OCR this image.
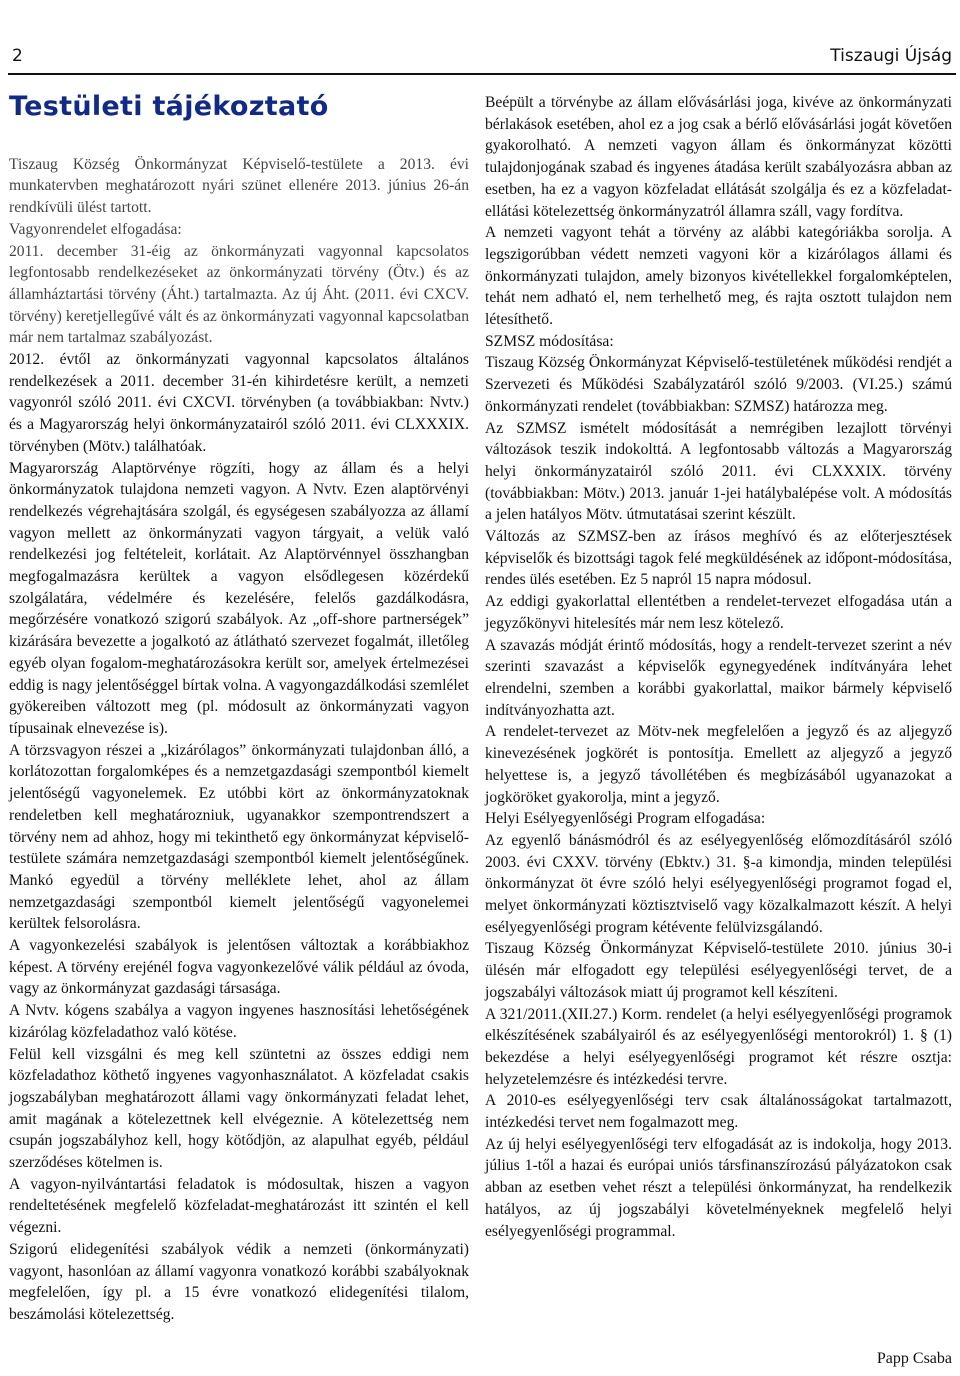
2	Tiszaugi Újság
Testületi tájékoztató

Tiszaug Község Önkormányzat Képviselő-testülete a 2013. évi munkatervben meghatározott nyári szünet ellenére 2013. június 26-án rendkívüli ülést tartott.

Vagyonrendelet elfogadása:

2011. december 31-éig az önkormányzati vagyonnal kapcsolatos legfontosabb rendelkezéseket az önkormányzati törvény (Ötv.) és az államháztartási törvény (Áht.) tartalmazta. Az új Áht. (2011. évi CXCV. törvény) keretjellegűvé vált és az önkormányzati vagyonnal kapcsolatban már nem tartalmaz szabályozást.

2012. évtől az önkormányzati vagyonnal kapcsolatos általános rendelkezések a 2011. december 31-én kihirdetésre került, a nemzeti vagyonról szóló 2011. évi CXCVI. törvényben (a továbbiakban: Nvtv.) és a Magyarország helyi önkormányzatairól szóló 2011. évi CLXXXIX. törvényben (Mötv.) találhatóak.

Magyarország Alaptörvénye rögzíti, hogy az állam és a helyi önkormányzatok tulajdona nemzeti vagyon. A Nvtv. Ezen alaptörvényi rendelkezés végrehajtására szolgál, és egységesen szabályozza az államí vagyon mellett az önkormányzati vagyon tárgyait, a velük való rendelkezési jog feltételeit, korlátait. Az Alaptörvénnyel összhangban megfogalmazásra kerültek a vagyon elsődlegesen közérdekű szolgálatára, védelmére és kezelésére, felelős gazdálkodásra, megőrzésére vonatkozó szigorú szabályok. Az „off-shore partnerségek” kizárására bevezette a jogalkotó az átlátható szervezet fogalmát, illetőleg egyéb olyan fogalom-meghatározásokra került sor, amelyek értelmezései eddig is nagy jelentőséggel bírtak volna. A vagyongazdálkodási szemlélet gyökereiben változott meg (pl. módosult az önkormányzati vagyon típusainak elnevezése is).

A törzsvagyon részei a „kizárólagos” önkormányzati tulajdonban álló, a korlátozottan forgalomképes és a nemzetgazdasági szempontból kiemelt jelentőségű vagyonelemek. Ez utóbbi kört az önkormányzatoknak rendeletben kell meghatározniuk, ugyanakkor szempontrendszert a törvény nem ad ahhoz, hogy mi tekinthető egy önkormányzat képviselő-testülete számára nemzetgazdasági szempontból kiemelt jelentőségűnek. Mankó egyedül a törvény melléklete lehet, ahol az állam nemzetgazdasági szempontból kiemelt jelentőségű vagyonelemei kerültek felsorolásra.

A vagyonkezelési szabályok is jelentősen változtak a korábbiakhoz képest. A törvény erejénél fogva vagyonkezelővé válik például az óvoda, vagy az önkormányzat gazdasági társasága.

A Nvtv. kógens szabálya a vagyon ingyenes hasznosítási lehetőségének kizárólag közfeladathoz való kötése.

Felül kell vizsgálni és meg kell szüntetni az összes eddigi nem közfeladathoz köthető ingyenes vagyonhasználatot. A közfeladat csakis jogszabályban meghatározott állami vagy önkormányzati feladat lehet, amit magának a kötelezettnek kell elvégeznie. A kötelezettség nem csupán jogszabályhoz kell, hogy kötődjön, az alapulhat egyéb, például szerződéses kötelmen is.

A vagyon-nyilvántartási feladatok is módosultak, hiszen a vagyon rendeltetésének megfelelő közfeladat-meghatározást itt szintén el kell végezni.

Szigorú elidegenítési szabályok védik a nemzeti (önkormányzati) vagyont, hasonlóan az államí vagyonra vonatkozó korábbi szabályoknak megfelelően, így pl. a 15 évre vonatkozó elidegenítési tilalom, beszámolási kötelezettség.

Beépült a törvénybe az állam elővásárlási joga, kivéve az önkormányzati bérlakások esetében, ahol ez a jog csak a bérlő elővásárlási jogát követően gyakorolható. A nemzeti vagyon állam és önkormányzat közötti tulajdonjogának szabad és ingyenes átadása került szabályozásra abban az esetben, ha ez a vagyon közfeladat ellátását szolgálja és ez a közfeladat-ellátási kötelezettség önkormányzatról államra száll, vagy fordítva.

A nemzeti vagyont tehát a törvény az alábbi kategóriákba sorolja. A legszigorúbban védett nemzeti vagyoni kör a kizárólagos állami és önkormányzati tulajdon, amely bizonyos kivétellekkel forgalomképtelen, tehát nem adható el, nem terhelhető meg, és rajta osztott tulajdon nem létesíthető.

SZMSZ módosítása:

Tiszaug Község Önkormányzat Képviselő-testületének működési rendjét a Szervezeti és Működési Szabályzatáról szóló 9/2003. (VI.25.) számú önkormányzati rendelet (továbbiakban: SZMSZ) határozza meg.

Az SZMSZ ismételt módosítását a nemrégiben lezajlott törvényi változások teszik indokolttá. A legfontosabb változás a Magyarország helyi önkormányzatairól szóló 2011. évi CLXXXIX. törvény (továbbiakban: Mötv.) 2013. január 1-jei hatálybalépése volt. A módosítás a jelen hatályos Mötv. útmutatásai szerint készült.

Változás az SZMSZ-ben az írásos meghívó és az előterjesztések képviselők és bizottsági tagok felé megküldésének az időpont-módosítása, rendes ülés esetében. Ez 5 napról 15 napra módosul.

Az eddigi gyakorlattal ellentétben a rendelet-tervezet elfogadása után a jegyzőkönyvi hitelesítés már nem lesz kötelező.

A szavazás módját érintő módosítás, hogy a rendelt-tervezet szerint a név szerinti szavazást a képviselők egynegyedének indítványára lehet elrendelni, szemben a korábbi gyakorlattal, maikor bármely képviselő indítványozhatta azt.

A rendelet-tervezet az Mötv-nek megfelelően a jegyző és az aljegyző kinevezésének jogkörét is pontosítja. Emellett az aljegyző a jegyző helyettese is, a jegyző távollétében és megbízásából ugyanazokat a jogköröket gyakorolja, mint a jegyző.

Helyi Esélyegyenlőségi Program elfogadása:

Az egyenlő bánásmódról és az esélyegyenlőség előmozdításáról szóló 2003. évi CXXV. törvény (Ebktv.) 31. §-a kimondja, minden települési önkormányzat öt évre szóló helyi esélyegyenlőségi programot fogad el, melyet önkormányzati köztisztviselő vagy közalkalmazott készít. A helyi esélyegyenlőségi program kétévente felülvizsgálandó.

Tiszaug Község Önkormányzat Képviselő-testülete 2010. június 30-i ülésén már elfogadott egy települési esélyegyenlőségi tervet, de a jogszabályi változások miatt új programot kell készíteni.

A 321/2011.(XII.27.) Korm. rendelet (a helyi esélyegyenlőségi programok elkészítésének szabályairól és az esélyegyenlőségi mentorokról) 1. § (1) bekezdése a helyi esélyegyenlőségi programot két részre osztja: helyzetelemzésre és intézkedési tervre.

A 2010-es esélyegyenlőségi terv csak általánosságokat tartalmazott, intézkedési tervet nem fogalmazott meg.

Az új helyi esélyegyenlőségi terv elfogadását az is indokolja, hogy 2013. július 1-től a hazai és európai uniós társfinanszírozású pályázatokon csak abban az esetben vehet részt a települési önkormányzat, ha rendelkezik hatályos, az új jogszabályi követelményeknek megfelelő helyi esélyegyenlőségi programmal.

Papp Csaba
